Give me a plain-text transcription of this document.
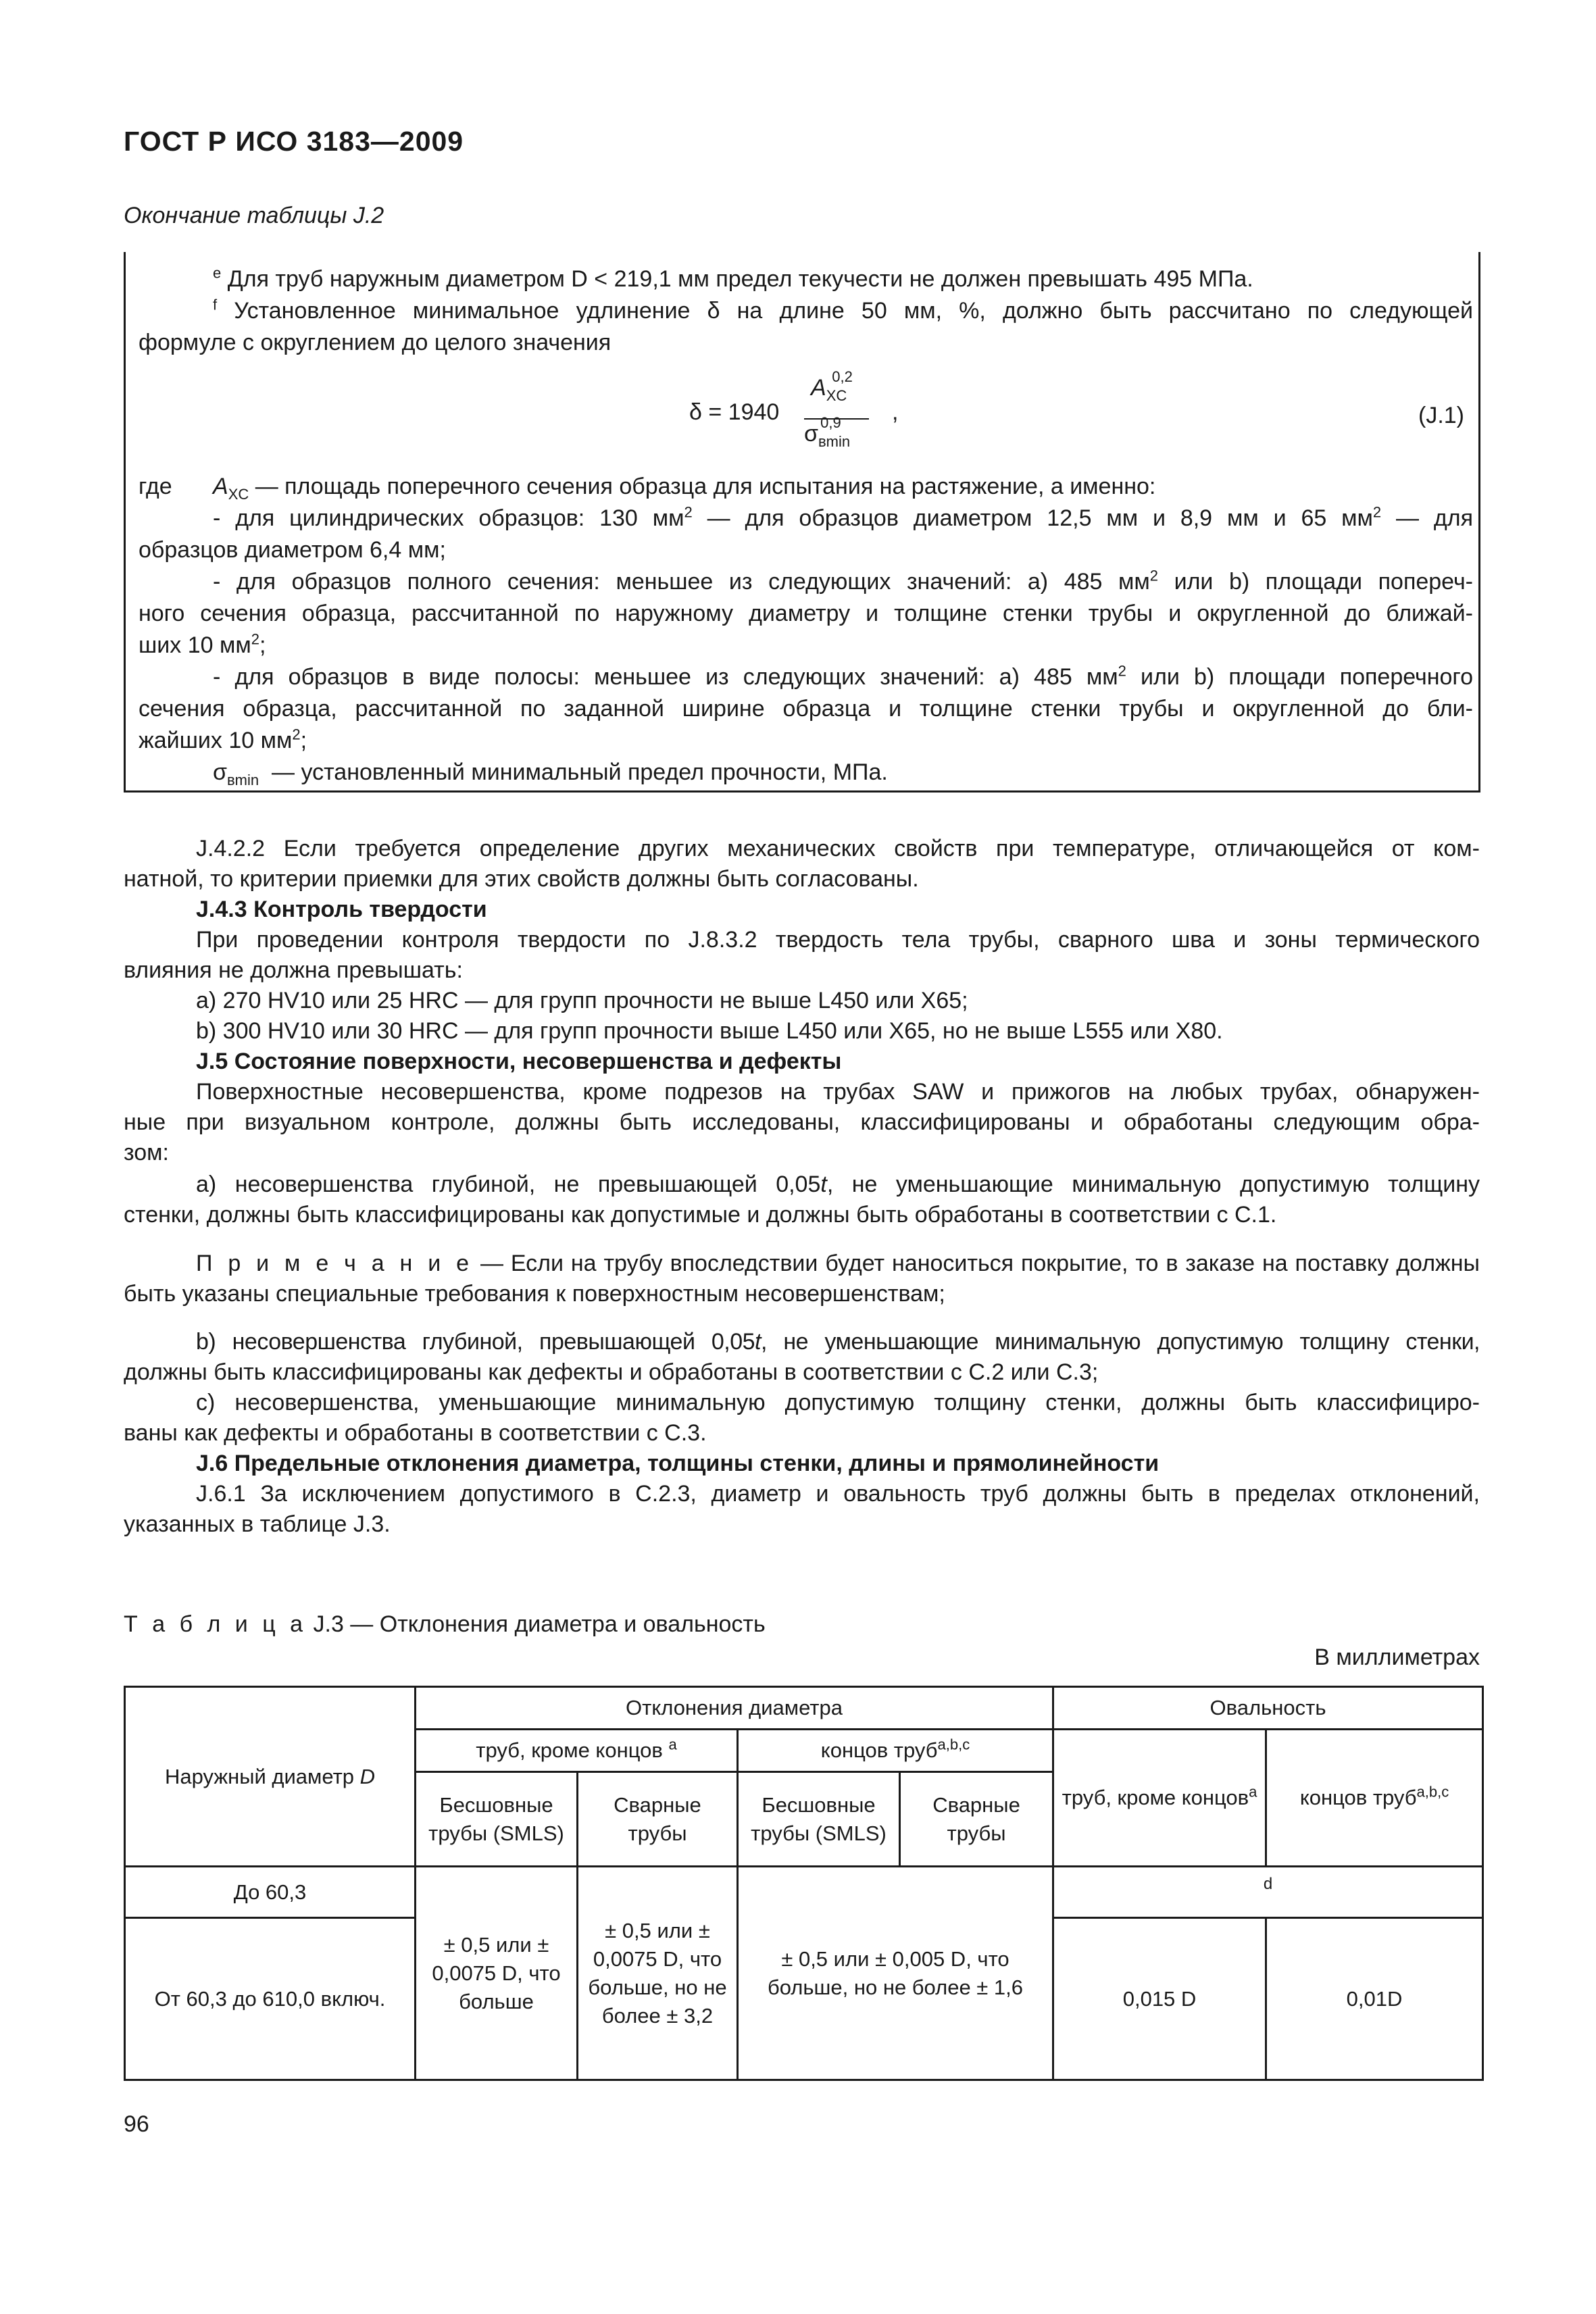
ГОСТ Р ИСО 3183—2009
Окончание таблицы J.2
$^e$ Для труб наружным диаметром D < 219,1 мм предел текучести не должен превышать 495 МПа.
$^f$ Установленное минимальное удлинение δ на длине 50 мм, %, должно быть рассчитано по следующей
формуле с округлением до целого значения
δ = 1940
$A_{XC}^{0,2}$
$\sigma_{вmin}^{0,9}$ ,	(J.1)
где $A_{XC}$ — площадь поперечного сечения образца для испытания на растяжение, а именно:
- для цилиндрических образцов: 130 $мм^2$ — для образцов диаметром 12,5 мм и 8,9 мм и 65 $мм^2$ — для
образцов диаметром 6,4 мм;
- для образцов полного сечения: меньшее из следующих значений: а) 485 $мм^2$ или b) площади попереч-
ного сечения образца, рассчитанной по наружному диаметру и толщине стенки трубы и округленной до ближай-
ших 10 $мм^2$;
- для образцов в виде полосы: меньшее из следующих значений: а) 485 $мм^2$ или b) площади поперечного
сечения образца, рассчитанной по заданной ширине образца и толщине стенки трубы и округленной до бли-
жайших 10 $мм^2$;
$\sigma_{вmin}$ — установленный минимальный предел прочности, МПа.
J.4.2.2 Если требуется определение других механических свойств при температуре, отличающейся от ком-
натной, то критерии приемки для этих свойств должны быть согласованы.
J.4.3 Контроль твердости
При проведении контроля твердости по J.8.3.2 твердость тела трубы, сварного шва и зоны термического
влияния не должна превышать:
а) 270 HV10 или 25 HRC — для групп прочности не выше L450 или X65;
b) 300 HV10 или 30 HRC — для групп прочности выше L450 или X65, но не выше L555 или X80.
J.5 Состояние поверхности, несовершенства и дефекты
Поверхностные несовершенства, кроме подрезов на трубах SAW и прижогов на любых трубах, обнаружен-
ные при визуальном контроле, должны быть исследованы, классифицированы и обработаны следующим обра-
зом:
а) несовершенства глубиной, не превышающей 0,05t, не уменьшающие минимальную допустимую толщину
стенки, должны быть классифицированы как допустимые и должны быть обработаны в соответствии с С.1.
П р и м е ч а н и е — Если на трубу впоследствии будет наноситься покрытие, то в заказе на поставку должны
быть указаны специальные требования к поверхностным несовершенствам;
b) несовершенства глубиной, превышающей 0,05t, не уменьшающие минимальную допустимую толщину стенки,
должны быть классифицированы как дефекты и обработаны в соответствии с С.2 или С.3;
с) несовершенства, уменьшающие минимальную допустимую толщину стенки, должны быть классифициро-
ваны как дефекты и обработаны в соответствии с С.3.
J.6 Предельные отклонения диаметра, толщины стенки, длины и прямолинейности
J.6.1 За исключением допустимого в С.2.3, диаметр и овальность труб должны быть в пределах отклонений,
указанных в таблице J.3.
Т а б л и ц а J.3 — Отклонения диаметра и овальность
В миллиметрах
Наружный диаметр D	Отклонения диаметра				Овальность	
	труб, кроме концов $^a$		концов труб$^{a,b,c}$		труб, кроме концов$^a$	концов труб$^{a,b,c}$
	Бесшовные трубы (SMLS)	Сварные трубы	Бесшовные трубы (SMLS)	Сварные трубы		
До 60,3	± 0,5 или ± 0,0075 D, что больше	± 0,5 или ± 0,0075 D, что больше, но не более ± 3,2	± 0,5 или ± 0,005 D, что больше, но не более ± 1,6		d	
От 60,3 до 610,0 включ.					0,015 D	0,01D
96
